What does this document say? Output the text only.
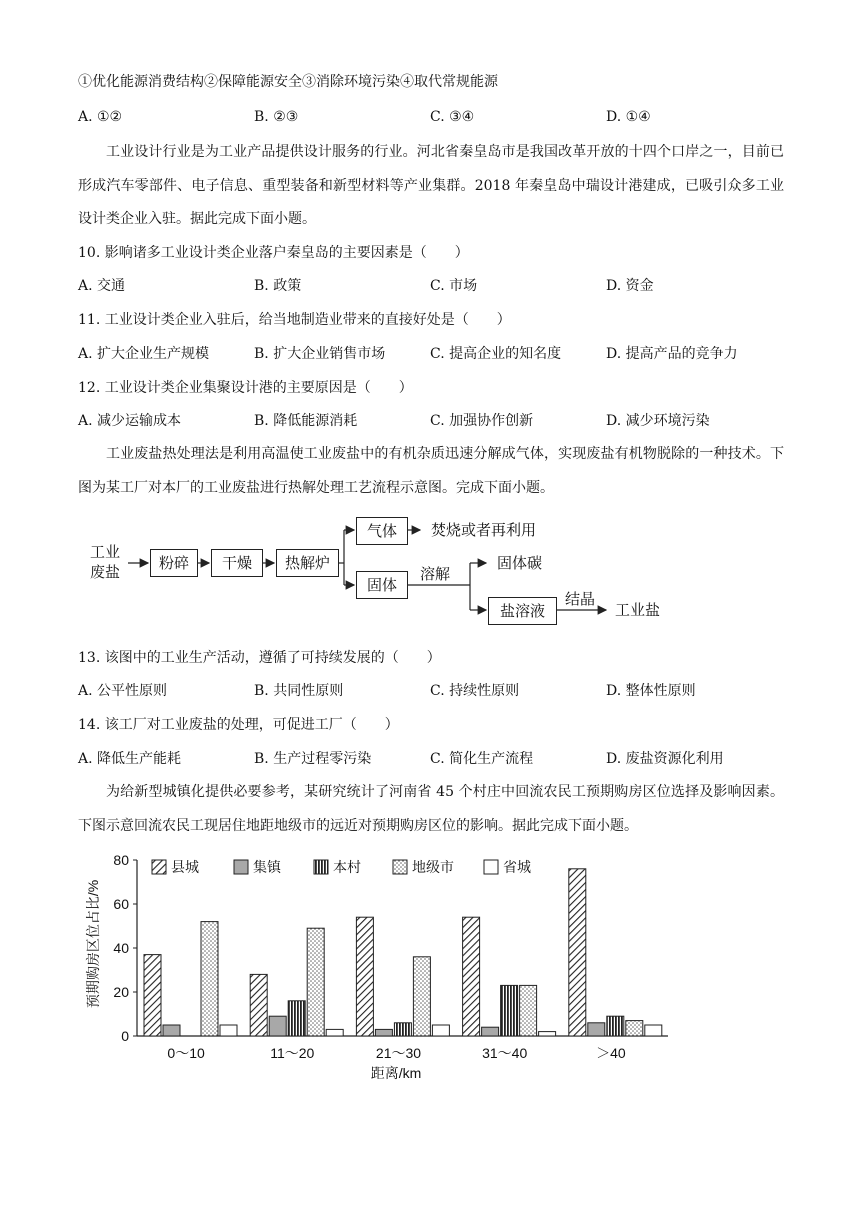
①优化能源消费结构②保障能源安全③消除环境污染④取代常规能源
A. ①②	B. ②③	C. ③④	D. ①④
工业设计行业是为工业产品提供设计服务的行业。河北省秦皇岛市是我国改革开放的十四个口岸之一，目前已形成汽车零部件、电子信息、重型装备和新型材料等产业集群。2018 年秦皇岛中瑞设计港建成，已吸引众多工业设计类企业入驻。据此完成下面小题。
10. 影响诸多工业设计类企业落户秦皇岛的主要因素是（　　）
A. 交通	B. 政策	C. 市场	D. 资金
11. 工业设计类企业入驻后，给当地制造业带来的直接好处是（　　）
A. 扩大企业生产规模	B. 扩大企业销售市场	C. 提高企业的知名度	D. 提高产品的竞争力
12. 工业设计类企业集聚设计港的主要原因是（　　）
A. 减少运输成本	B. 降低能源消耗	C. 加强协作创新	D. 减少环境污染
工业废盐热处理法是利用高温使工业废盐中的有机杂质迅速分解成气体，实现废盐有机物脱除的一种技术。下图为某工厂对本厂的工业废盐进行热解处理工艺流程示意图。完成下面小题。
工业
废盐	粉碎	干燥	热解炉
气体	焚烧或者再利用
固体
溶解
固体碳
盐溶液
结晶
工业盐
13. 该图中的工业生产活动，遵循了可持续发展的（　　）
A. 公平性原则	B. 共同性原则	C. 持续性原则	D. 整体性原则
14. 该工厂对工业废盐的处理，可促进工厂（　　）
A. 降低生产能耗	B. 生产过程零污染	C. 简化生产流程	D. 废盐资源化利用
为给新型城镇化提供必要参考，某研究统计了河南省 45 个村庄中回流农民工预期购房区位选择及影响因素。下图示意回流农民工现居住地距地级市的远近对预期购房区位的影响。据此完成下面小题。
预期购房区位占比/%
距离/km
0
20
40
60
80
0～10	11～20	21～30	31～40	＞40
县城	集镇	本村	地级市	省城
